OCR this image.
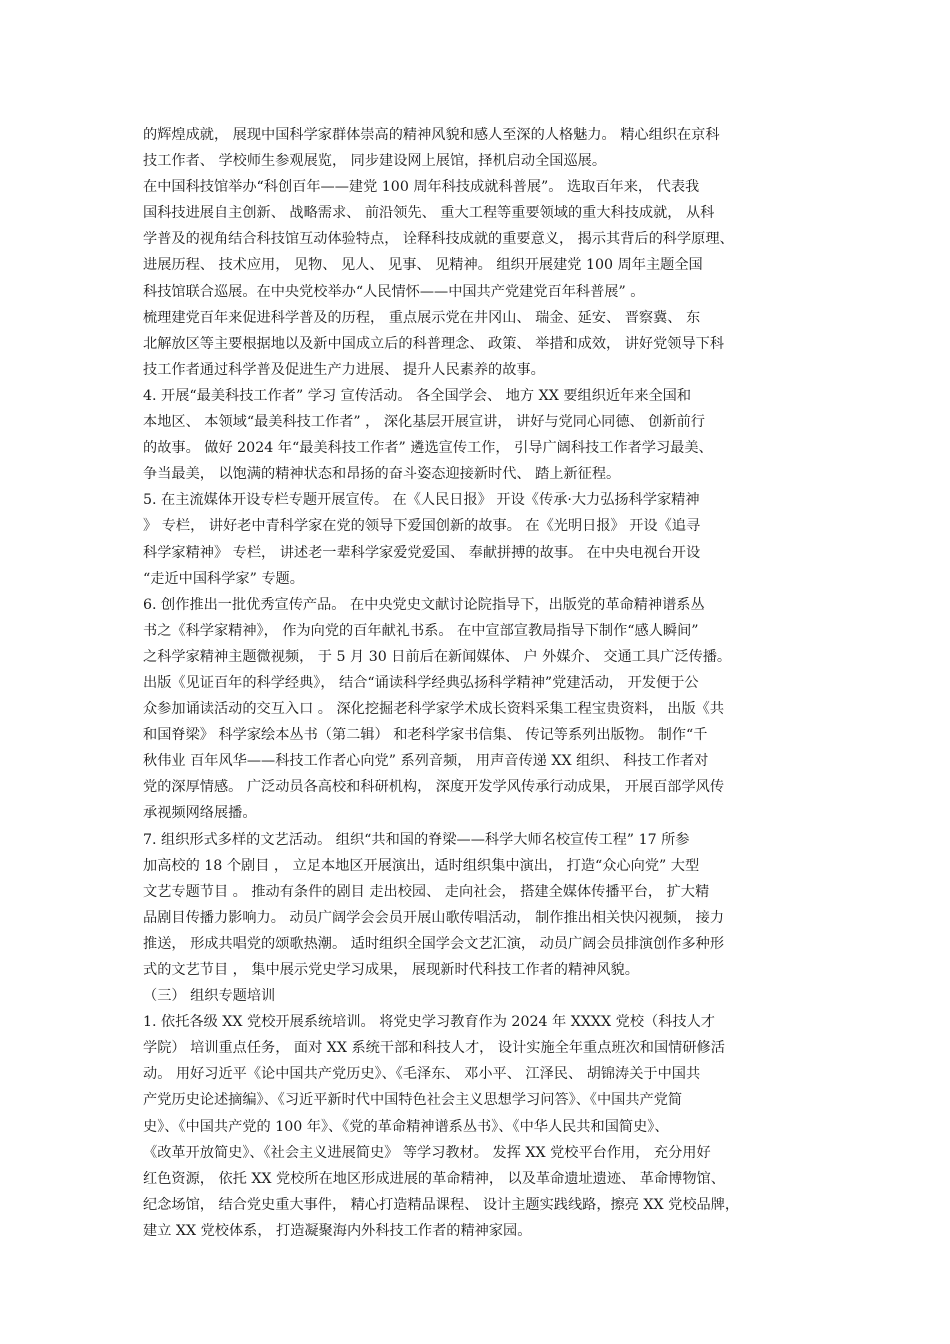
的辉煌成就， 展现中国科学家群体崇高的精神风貌和感人至深的人格魅力。 精心组织在京科
技工作者、 学校师生参观展览， 同步建设网上展馆，择机启动全国巡展。
在中国科技馆举办“科创百年——建党 100 周年科技成就科普展”。 选取百年来， 代表我
国科技进展自主创新、 战略需求、 前沿领先、 重大工程等重要领域的重大科技成就， 从科
学普及的视角结合科技馆互动体验特点， 诠释科技成就的重要意义， 揭示其背后的科学原理、
进展历程、 技术应用， 见物、 见人、 见事、 见精神。 组织开展建党 100 周年主题全国
科技馆联合巡展。在中央党校举办“人民情怀——中国共产党建党百年科普展” 。
梳理建党百年来促进科学普及的历程， 重点展示党在井冈山、 瑞金、延安、 晋察冀、 东
北解放区等主要根据地以及新中国成立后的科普理念、 政策、 举措和成效， 讲好党领导下科
技工作者通过科学普及促进生产力进展、 提升人民素养的故事。
4. 开展“最美科技工作者” 学习 宣传活动。 各全国学会、 地方 XX 要组织近年来全国和
本地区、 本领域“最美科技工作者” ， 深化基层开展宣讲， 讲好与党同心同德、 创新前行
的故事。 做好 2024 年“最美科技工作者” 遴选宣传工作， 引导广阔科技工作者学习最美、
争当最美， 以饱满的精神状态和昂扬的奋斗姿态迎接新时代、 踏上新征程。
5. 在主流媒体开设专栏专题开展宣传。 在《人民日报》 开设《传承·大力弘扬科学家精神
》 专栏， 讲好老中青科学家在党的领导下爱国创新的故事。 在《光明日报》 开设《追寻
科学家精神》 专栏， 讲述老一辈科学家爱党爱国、 奉献拼搏的故事。 在中央电视台开设
“走近中国科学家” 专题。
6. 创作推出一批优秀宣传产品。 在中央党史文献讨论院指导下，出版党的革命精神谱系丛
书之《科学家精神》， 作为向党的百年献礼书系。 在中宣部宣教局指导下制作“感人瞬间”
之科学家精神主题微视频， 于 5 月 30 日前后在新闻媒体、 户 外媒介、 交通工具广泛传播。
出版《见证百年的科学经典》， 结合“诵读科学经典弘扬科学精神”党建活动， 开发便于公
众参加诵读活动的交互入口 。 深化挖掘老科学家学术成长资料采集工程宝贵资料， 出版《共
和国脊梁》 科学家绘本丛书（第二辑） 和老科学家书信集、 传记等系列出版物。 制作“千
秋伟业 百年风华——科技工作者心向党” 系列音频， 用声音传递 XX 组织、 科技工作者对
党的深厚情感。 广泛动员各高校和科研机构， 深度开发学风传承行动成果， 开展百部学风传
承视频网络展播。
7. 组织形式多样的文艺活动。 组织“共和国的脊梁——科学大师名校宣传工程” 17 所参
加高校的 18 个剧目 ， 立足本地区开展演出，适时组织集中演出， 打造“众心向党” 大型
文艺专题节目 。 推动有条件的剧目 走出校园、 走向社会， 搭建全媒体传播平台， 扩大精
品剧目传播力影响力。 动员广阔学会会员开展山歌传唱活动， 制作推出相关快闪视频， 接力
推送， 形成共唱党的颂歌热潮。 适时组织全国学会文艺汇演， 动员广阔会员排演创作多种形
式的文艺节目 ， 集中展示党史学习成果， 展现新时代科技工作者的精神风貌。
（三） 组织专题培训
1. 依托各级 XX 党校开展系统培训。 将党史学习教育作为 2024 年 XXXX 党校（科技人才
学院） 培训重点任务， 面对 XX 系统干部和科技人才， 设计实施全年重点班次和国情研修活
动。 用好习近平《论中国共产党历史》、《毛泽东、 邓小平、 江泽民、 胡锦涛关于中国共
产党历史论述摘编》、《习近平新时代中国特色社会主义思想学习问答》、《中国共产党简
史》、《中国共产党的 100 年》、《党的革命精神谱系丛书》、《中华人民共和国简史》、
《改革开放简史》、《社会主义进展简史》 等学习教材。 发挥 XX 党校平台作用， 充分用好
红色资源， 依托 XX 党校所在地区形成进展的革命精神， 以及革命遗址遗迹、 革命博物馆、
纪念场馆， 结合党史重大事件， 精心打造精品课程、 设计主题实践线路，擦亮 XX 党校品牌，
建立 XX 党校体系， 打造凝聚海内外科技工作者的精神家园。
